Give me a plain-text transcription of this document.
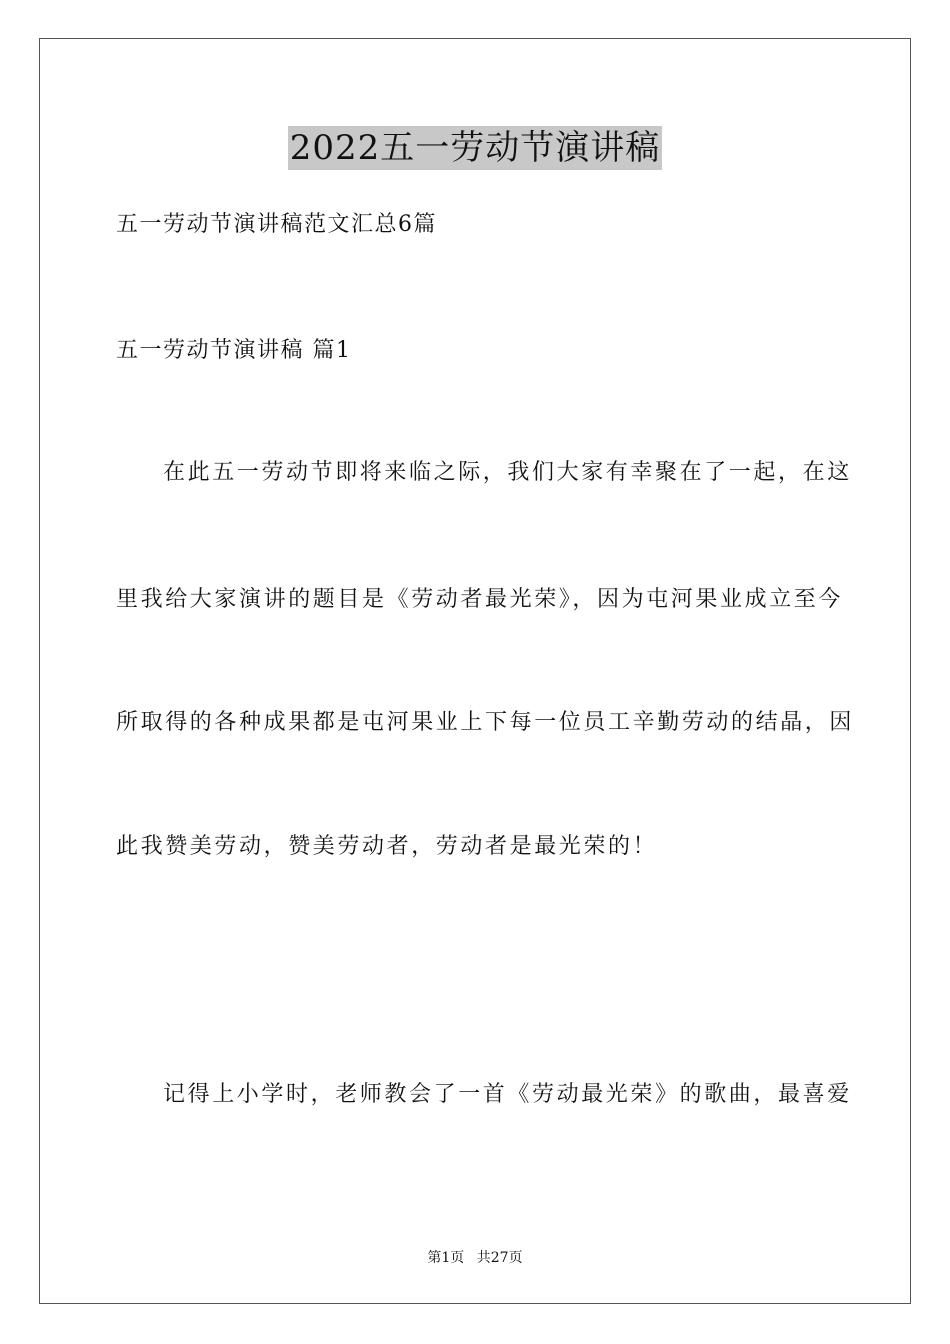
2022五一劳动节演讲稿
五一劳动节演讲稿范文汇总6篇
五一劳动节演讲稿 篇1
在此五一劳动节即将来临之际，我们大家有幸聚在了一起，在这
里我给大家演讲的题目是《劳动者最光荣》，因为屯河果业成立至今
所取得的各种成果都是屯河果业上下每一位员工辛勤劳动的结晶，因
此我赞美劳动，赞美劳动者，劳动者是最光荣的！
记得上小学时，老师教会了一首《劳动最光荣》的歌曲，最喜爱
第1页 共27页
